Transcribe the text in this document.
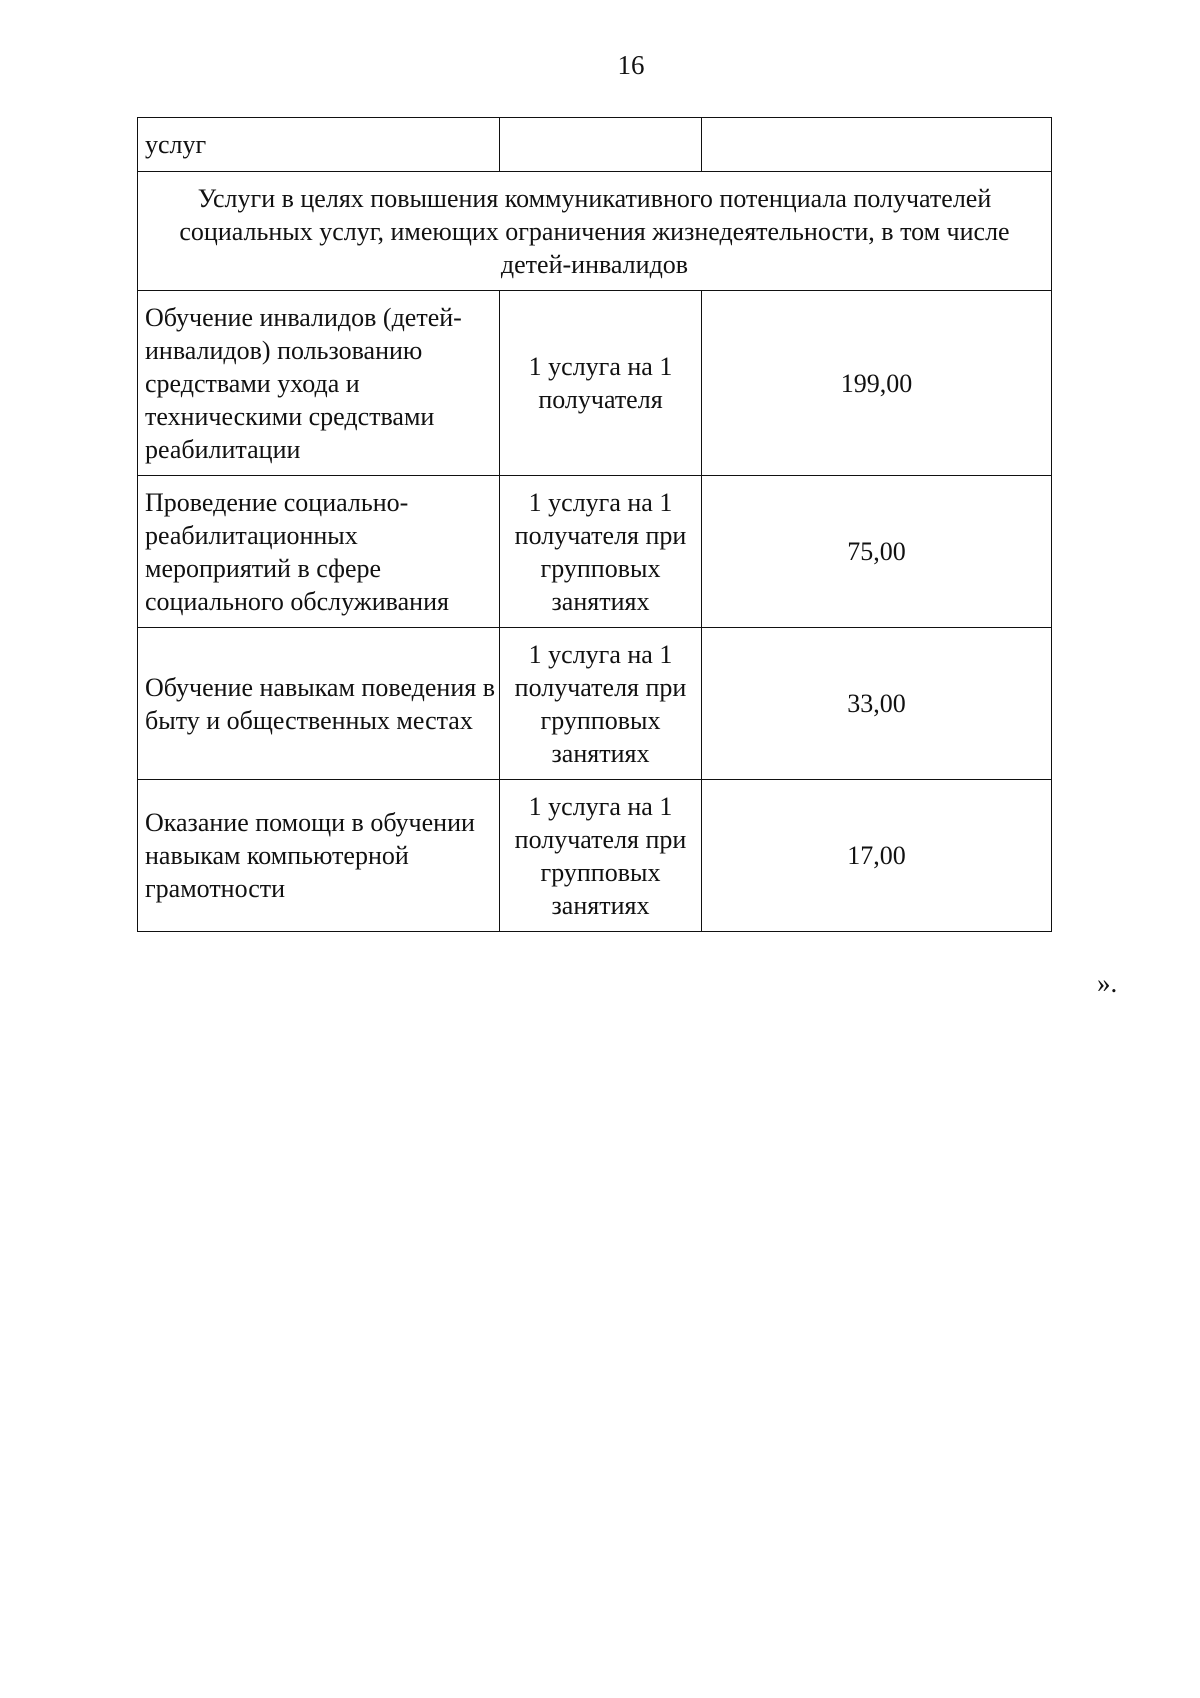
16
услуг		

Услуги в целях повышения коммуникативного потенциала получателей социальных услуг, имеющих ограничения жизнедеятельности, в том числе детей-инвалидов		

Обучение инвалидов (детей-инвалидов) пользованию средствами ухода и техническими средствами реабилитации	1 услуга на 1 получателя	199,00

Проведение социально-реабилитационных мероприятий в сфере социального обслуживания	1 услуга на 1 получателя при групповых занятиях	75,00

Обучение навыкам поведения в быту и общественных местах	1 услуга на 1 получателя при групповых занятиях	33,00

Оказание помощи в обучении навыкам компьютерной грамотности	1 услуга на 1 получателя при групповых занятиях	17,00
».
